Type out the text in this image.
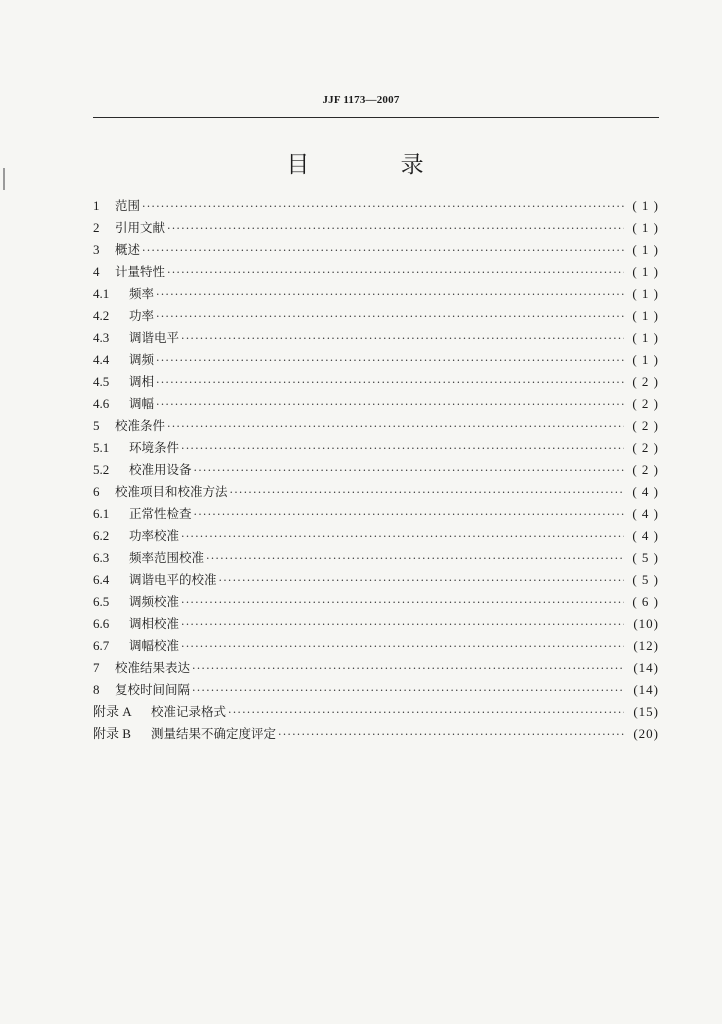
JJF 1173—2007
目 录
1	范围 ·····	( 1 )
2	引用文献 ·····	( 1 )
3	概述 ·····	( 1 )
4	计量特性 ·····	( 1 )
4.1	频率 ·····	( 1 )
4.2	功率 ·····	( 1 )
4.3	调谐电平 ·····	( 1 )
4.4	调频 ·····	( 1 )
4.5	调相 ·····	( 2 )
4.6	调幅 ·····	( 2 )
5	校准条件 ·····	( 2 )
5.1	环境条件 ·····	( 2 )
5.2	校准用设备 ·····	( 2 )
6	校准项目和校准方法 ·····	( 4 )
6.1	正常性检查 ·····	( 4 )
6.2	功率校准 ·····	( 4 )
6.3	频率范围校准 ·····	( 5 )
6.4	调谐电平的校准 ·····	( 5 )
6.5	调频校准 ·····	( 6 )
6.6	调相校准 ·····	(10)
6.7	调幅校准 ·····	(12)
7	校准结果表达 ·····	(14)
8	复校时间间隔 ·····	(14)
附录 A	校准记录格式 ·····	(15)
附录 B	测量结果不确定度评定 ·····	(20)
